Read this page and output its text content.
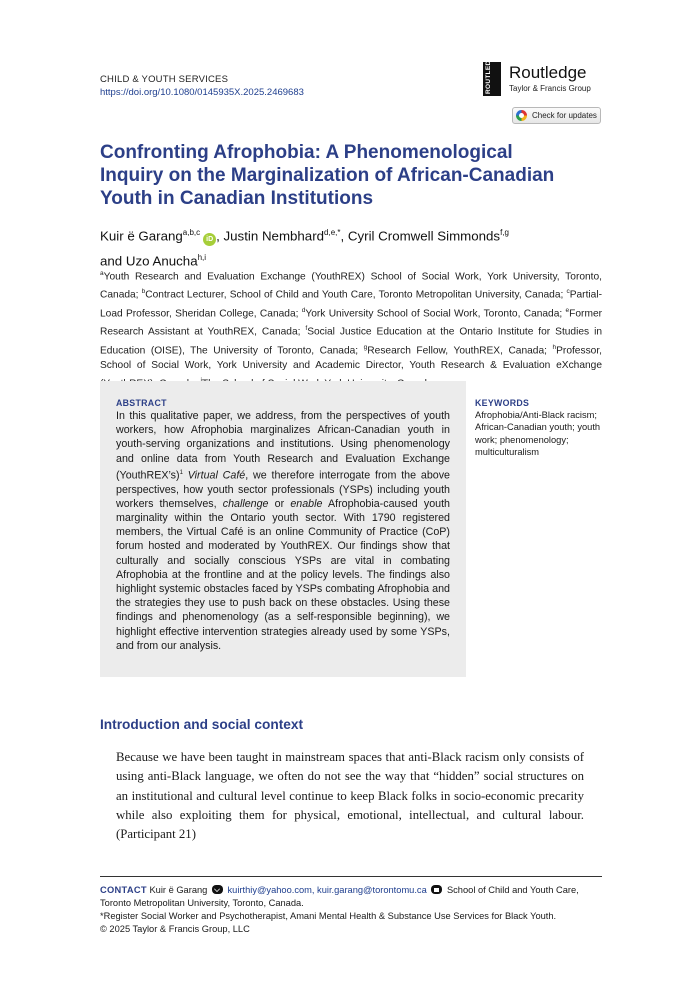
CHILD & YOUTH SERVICES
https://doi.org/10.1080/0145935X.2025.2469683	ROUTLEDGE Routledge
Taylor & Francis Group
Check for updates
Confronting Afrophobia: A Phenomenological Inquiry on the Marginalization of African-Canadian Youth in Canadian Institutions
Kuir ë Garang$^{a,b,c}$iD , Justin Nembhard$^{d,e,*}$, Cyril Cromwell Simmonds$^{f,g}$
and Uzo Anucha$^{h,i}$

$^a$Youth Research and Evaluation Exchange (YouthREX) School of Social Work, York University, Toronto, Canada; $^b$Contract Lecturer, School of Child and Youth Care, Toronto Metropolitan University, Canada; $^c$Partial-Load Professor, Sheridan College, Canada; $^d$York University School of Social Work, Toronto, Canada; $^e$Former Research Assistant at YouthREX, Canada; $^f$Social Justice Education at the Ontario Institute for Studies in Education (OISE), The University of Toronto, Canada; $^g$Research Fellow, YouthREX, Canada; $^h$Professor, School of Social Work, York University and Academic Director, Youth Research & Evaluation eXchange

ABSTRACT

In this qualitative paper, we address, from the perspectives of youth workers, how Afrophobia marginalizes African-Canadian youth in youth-serving organizations and institutions. Using phenomenology and online data from Youth Research and Evaluation Exchange (YouthREX’s)$^1$ Virtual Café, we therefore interrogate from the above perspectives, how youth sector professionals (YSPs) including youth workers themselves, challenge or enable Afrophobia-caused youth marginality within the Ontario youth sector. With 1790 registered members, the Virtual Café is an online Community of Practice (CoP) forum hosted and moderated by YouthREX. Our findings show that culturally and socially conscious YSPs are vital in combating Afrophobia at the frontline and at the policy levels. The findings also highlight systemic obstacles faced by YSPs combating Afrophobia and the strategies they use to push back on these obstacles. Using these findings and phenomenology (as a self-responsible beginning), we highlight effective intervention strategies already used by some YSPs, and from our analysis.

KEYWORDS
Afrophobia/Anti-Black racism; African-Canadian youth; youth work; phenomenology; multiculturalism
Introduction and social context

Because we have been taught in mainstream spaces that anti-Black racism only consists of using anti-Black language, we often do not see the way that “hidden” social structures on an institutional and cultural level continue to keep Black folks in socio-economic precarity while also exploiting them for physical, emotional, intellectual, and cultural labour. (Participant 21)

CONTACT Kuir ë Garang kuirthiy@yahoo.com, kuir.garang@torontomu.ca School of Child and Youth Care, Toronto Metropolitan University, Toronto, Canada.

*Register Social Worker and Psychotherapist, Amani Mental Health & Substance Use Services for Black Youth.
© 2025 Taylor & Francis Group, LLC
